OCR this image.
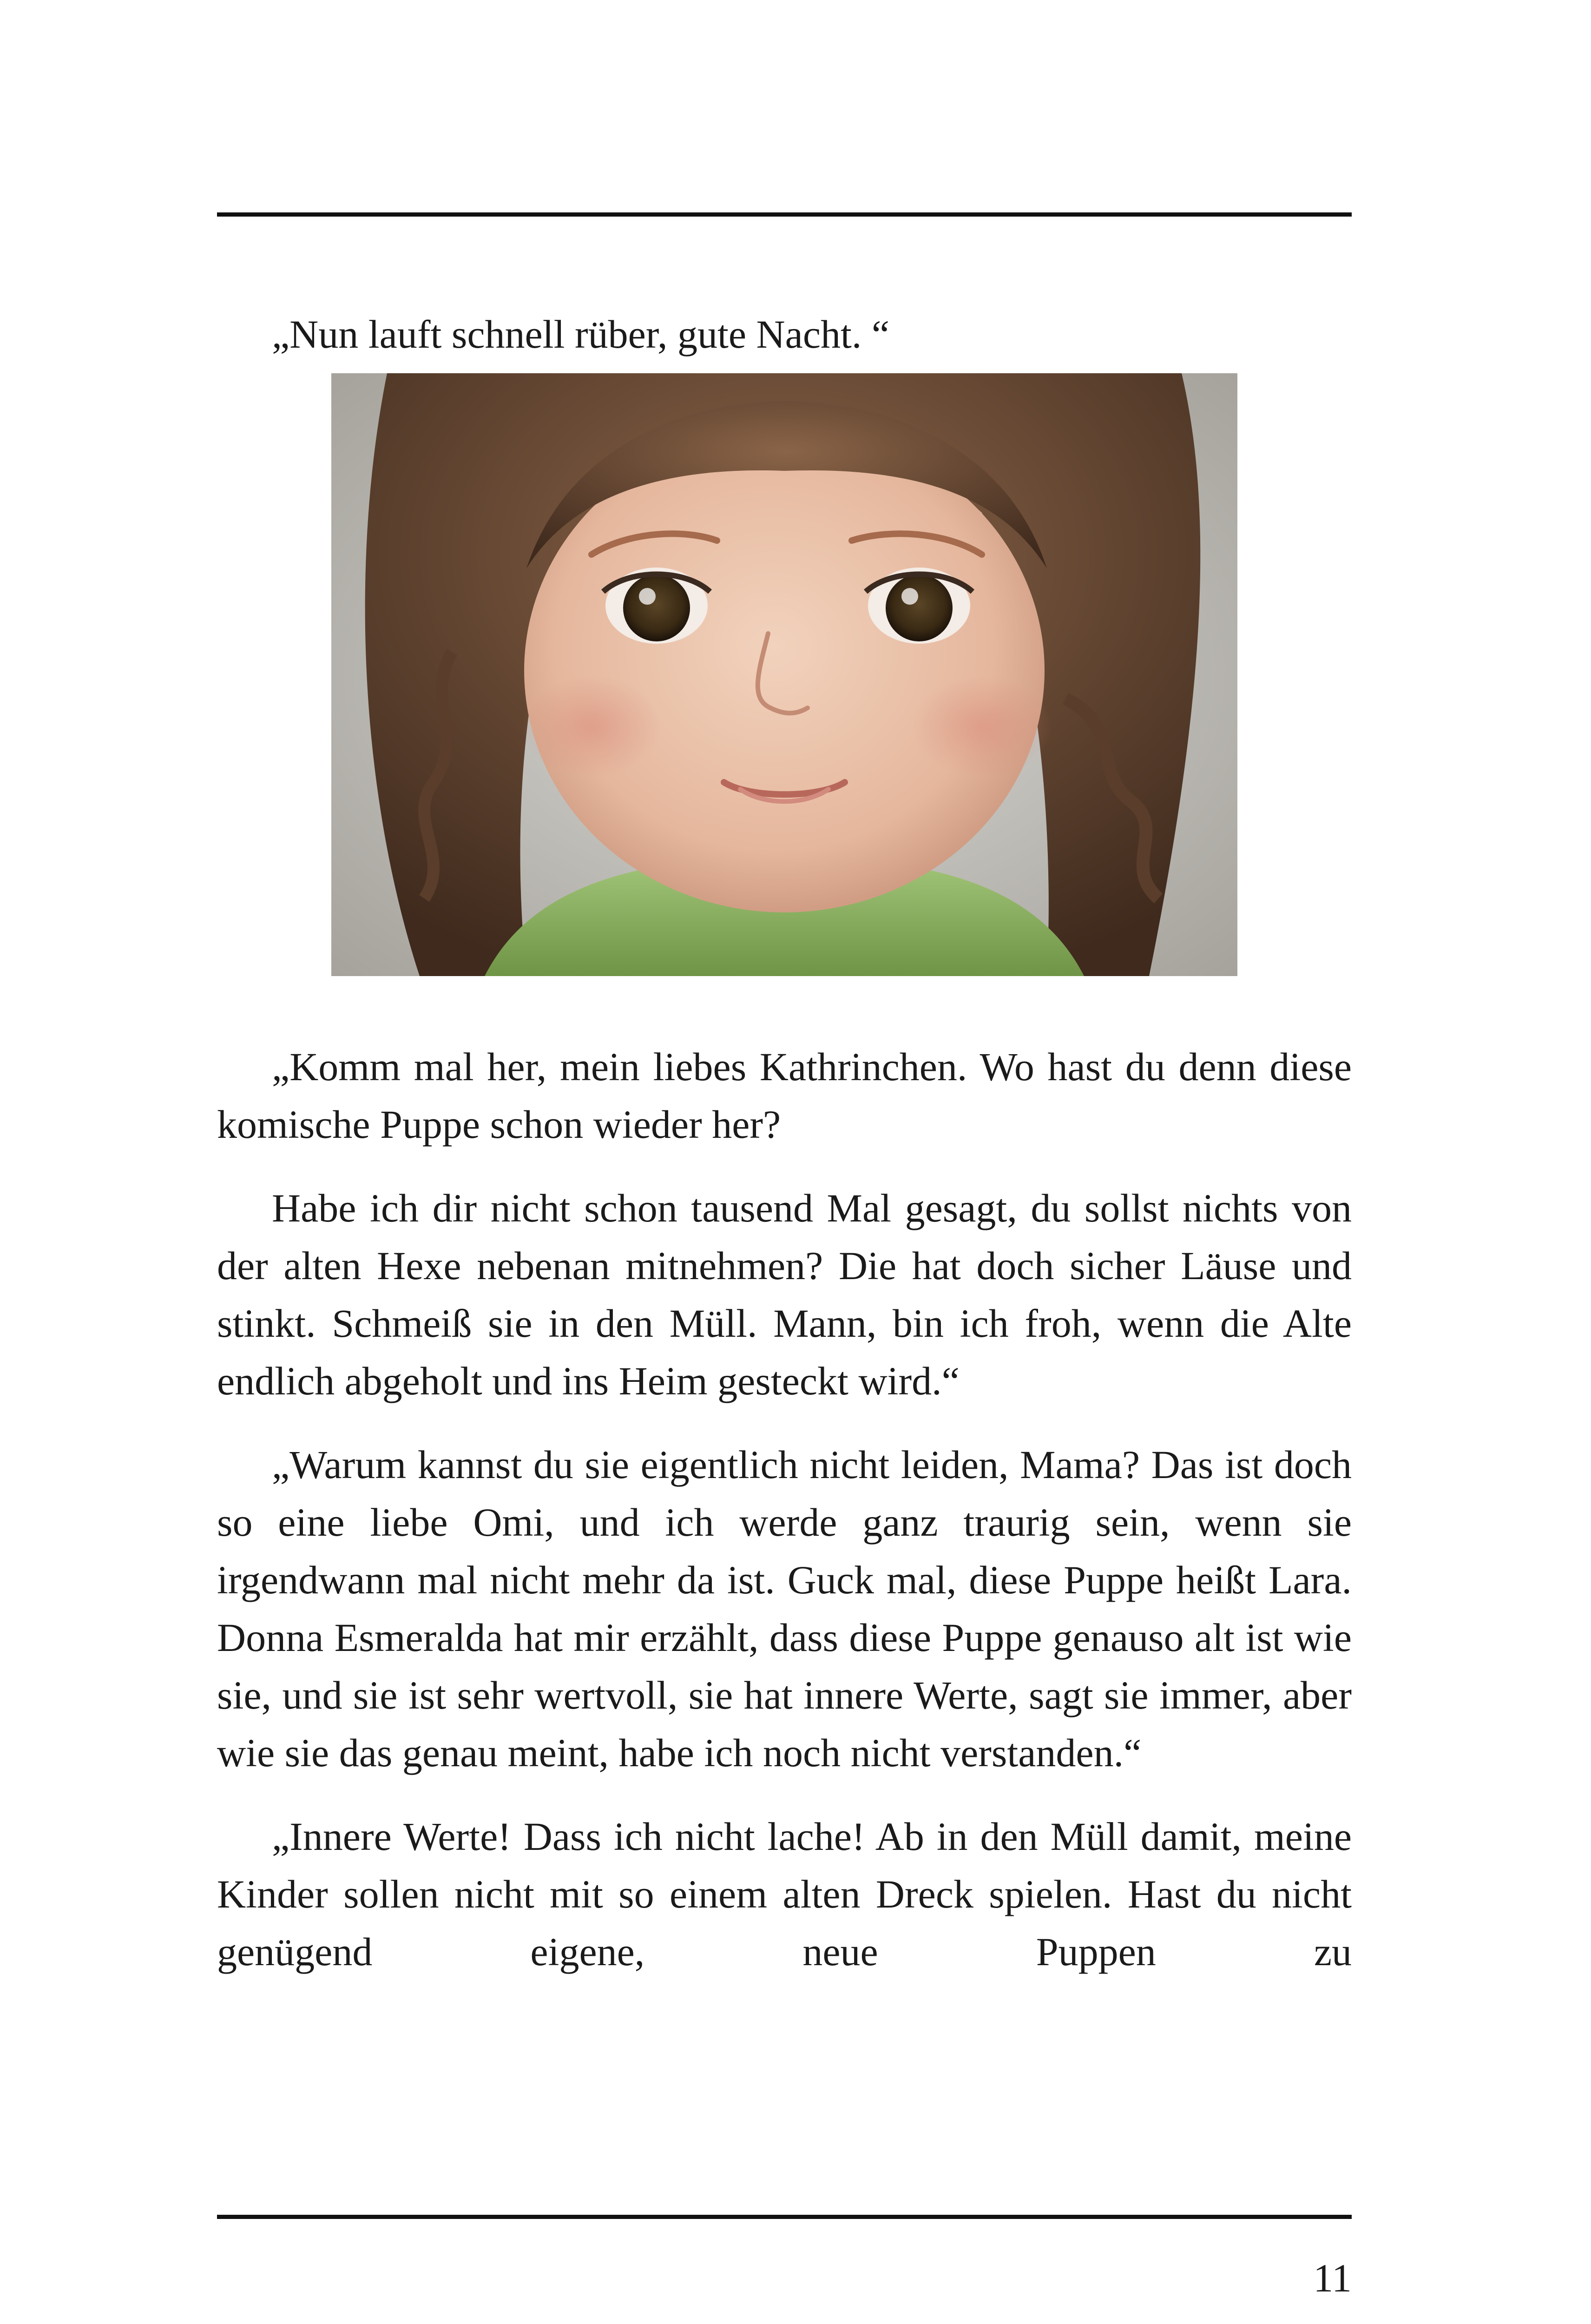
„Nun lauft schnell rüber, gute Nacht. “

„Komm mal her, mein liebes Kathrinchen. Wo hast du denn diese komische Puppe schon wieder her?

Habe ich dir nicht schon tausend Mal gesagt, du sollst nichts von der alten Hexe nebenan mitnehmen? Die hat doch sicher Läuse und stinkt. Schmeiß sie in den Müll. Mann, bin ich froh, wenn die Alte endlich abgeholt und ins Heim gesteckt wird.“

„Warum kannst du sie eigentlich nicht leiden, Mama? Das ist doch so eine liebe Omi, und ich werde ganz traurig sein, wenn sie irgendwann mal nicht mehr da ist. Guck mal, diese Puppe heißt Lara. Donna Esmeralda hat mir erzählt, dass diese Puppe genauso alt ist wie sie, und sie ist sehr wertvoll, sie hat innere Werte, sagt sie immer, aber wie sie das genau meint, habe ich noch nicht verstanden.“

„Innere Werte! Dass ich nicht lache! Ab in den Müll damit, meine Kinder sollen nicht mit so einem alten Dreck spielen. Hast du nicht genügend eigene, neue Puppen zu

11
